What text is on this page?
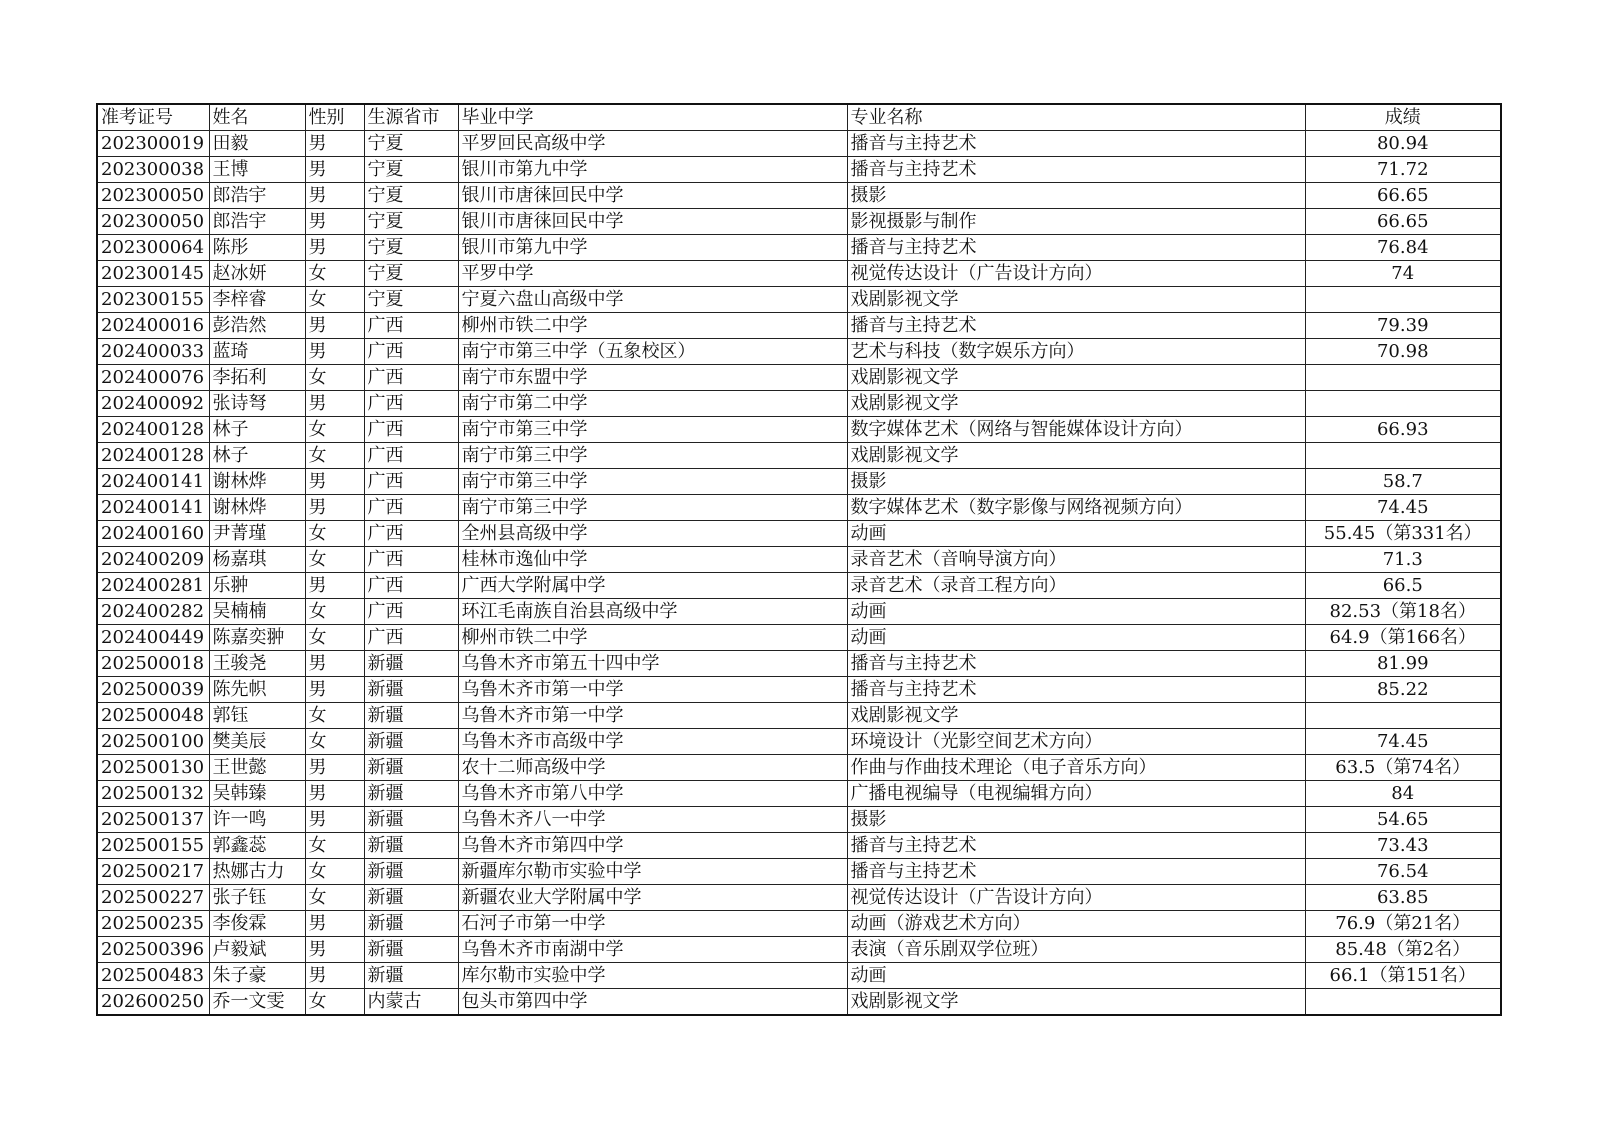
准考证号	姓名	性别	生源省市	毕业中学	专业名称	成绩
202300019	田毅	男	宁夏	平罗回民高级中学	播音与主持艺术	80.94
202300038	王博	男	宁夏	银川市第九中学	播音与主持艺术	71.72
202300050	郎浩宇	男	宁夏	银川市唐徕回民中学	摄影	66.65
202300050	郎浩宇	男	宁夏	银川市唐徕回民中学	影视摄影与制作	66.65
202300064	陈彤	男	宁夏	银川市第九中学	播音与主持艺术	76.84
202300145	赵冰妍	女	宁夏	平罗中学	视觉传达设计（广告设计方向）	74
202300155	李梓睿	女	宁夏	宁夏六盘山高级中学	戏剧影视文学	
202400016	彭浩然	男	广西	柳州市铁二中学	播音与主持艺术	79.39
202400033	蓝琦	男	广西	南宁市第三中学（五象校区）	艺术与科技（数字娱乐方向）	70.98
202400076	李拓利	女	广西	南宁市东盟中学	戏剧影视文学	
202400092	张诗弩	男	广西	南宁市第二中学	戏剧影视文学	
202400128	林子	女	广西	南宁市第三中学	数字媒体艺术（网络与智能媒体设计方向）	66.93
202400128	林子	女	广西	南宁市第三中学	戏剧影视文学	
202400141	谢林烨	男	广西	南宁市第三中学	摄影	58.7
202400141	谢林烨	男	广西	南宁市第三中学	数字媒体艺术（数字影像与网络视频方向）	74.45
202400160	尹菁瑾	女	广西	全州县高级中学	动画	55.45（第331名）
202400209	杨嘉琪	女	广西	桂林市逸仙中学	录音艺术（音响导演方向）	71.3
202400281	乐翀	男	广西	广西大学附属中学	录音艺术（录音工程方向）	66.5
202400282	吴楠楠	女	广西	环江毛南族自治县高级中学	动画	82.53（第18名）
202400449	陈嘉奕翀	女	广西	柳州市铁二中学	动画	64.9（第166名）
202500018	王骏尧	男	新疆	乌鲁木齐市第五十四中学	播音与主持艺术	81.99
202500039	陈先帜	男	新疆	乌鲁木齐市第一中学	播音与主持艺术	85.22
202500048	郭钰	女	新疆	乌鲁木齐市第一中学	戏剧影视文学	
202500100	樊美辰	女	新疆	乌鲁木齐市高级中学	环境设计（光影空间艺术方向）	74.45
202500130	王世懿	男	新疆	农十二师高级中学	作曲与作曲技术理论（电子音乐方向）	63.5（第74名）
202500132	吴韩臻	男	新疆	乌鲁木齐市第八中学	广播电视编导（电视编辑方向）	84
202500137	许一鸣	男	新疆	乌鲁木齐八一中学	摄影	54.65
202500155	郭鑫蕊	女	新疆	乌鲁木齐市第四中学	播音与主持艺术	73.43
202500217	热娜古力	女	新疆	新疆库尔勒市实验中学	播音与主持艺术	76.54
202500227	张子钰	女	新疆	新疆农业大学附属中学	视觉传达设计（广告设计方向）	63.85
202500235	李俊霖	男	新疆	石河子市第一中学	动画（游戏艺术方向）	76.9（第21名）
202500396	卢毅斌	男	新疆	乌鲁木齐市南湖中学	表演（音乐剧双学位班）	85.48（第2名）
202500483	朱子豪	男	新疆	库尔勒市实验中学	动画	66.1（第151名）
202600250	乔一文雯	女	内蒙古	包头市第四中学	戏剧影视文学	
